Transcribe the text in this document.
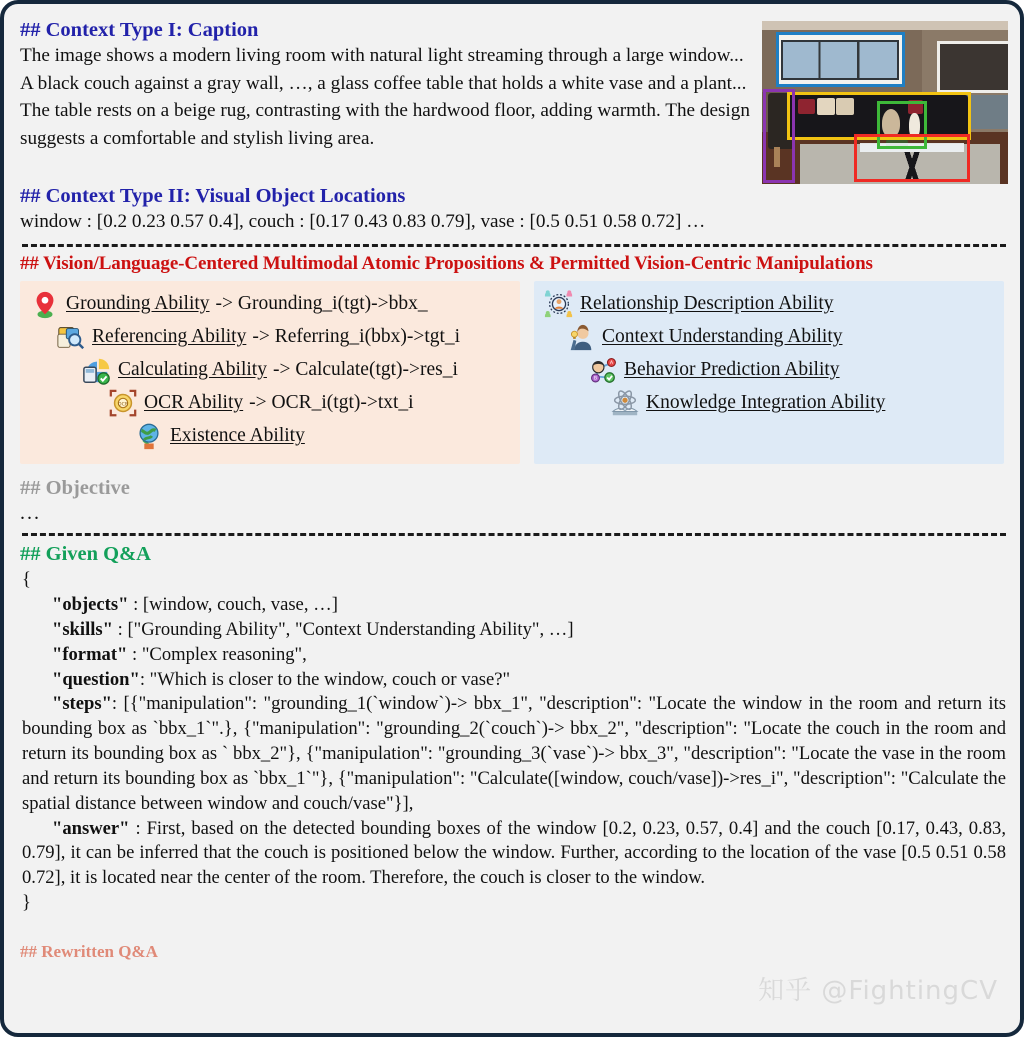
## Context Type I: Caption

The image shows a modern living room with natural light streaming through a large window... A black couch against a gray wall, …, a glass coffee table that holds a white vase and a plant... The table rests on a beige rug, contrasting with the hardwood floor, adding warmth. The design suggests a comfortable and stylish living area.

## Context Type II: Visual Object Locations

window : [0.2 0.23 0.57 0.4], couch : [0.17 0.43 0.83 0.79], vase : [0.5 0.51 0.58 0.72] …

## Vision/Language-Centered Multimodal Atomic Propositions & Permitted Vision-Centric Manipulations
Grounding Ability -> Grounding_i(tgt)->bbx_
Referencing Ability -> Referring_i(bbx)->tgt_i
Calculating Ability -> Calculate(tgt)->res_i
OCR OCR Ability -> OCR_i(tgt)->txt_i
Existence Ability
Relationship Description Ability
Context Understanding Ability
A
B Behavior Prediction Ability
Knowledge Integration Ability
## Objective
...
## Given Q&A
{
"objects" : [window, couch, vase, …]
"skills" : ["Grounding Ability", "Context Understanding Ability", …]
"format" : "Complex reasoning",
"question": "Which is closer to the window, couch or vase?"
"steps": [{"manipulation": "grounding_1(`window`)-> bbx_1", "description": "Locate the window in the room and return its bounding box as `bbx_1`".}, {"manipulation": "grounding_2(`couch`)-> bbx_2", "description": "Locate the couch in the room and return its bounding box as ` bbx_2"}, {"manipulation": "grounding_3(`vase`)-> bbx_3", "description": "Locate the vase in the room and return its bounding box as `bbx_1`"}, {"manipulation": "Calculate([window, couch/vase])->res_i", "description": "Calculate the spatial distance between window and couch/vase"}],
"answer" : First, based on the detected bounding boxes of the window [0.2, 0.23, 0.57, 0.4] and the couch [0.17, 0.43, 0.83, 0.79], it can be inferred that the couch is positioned below the window. Further, according to the location of the vase [0.5 0.51 0.58 0.72], it is located near the center of the room. Therefore, the couch is closer to the window.
}
## Rewritten Q&A
知乎 @FightingCV
